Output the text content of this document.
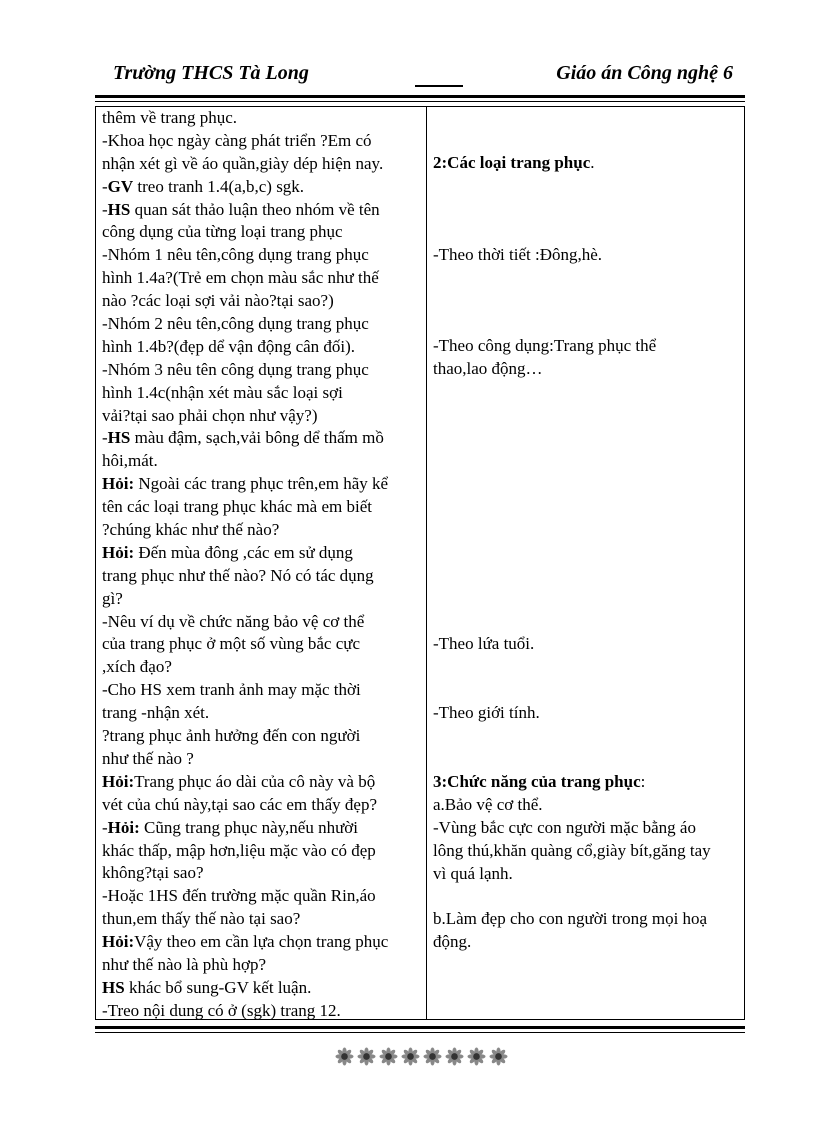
Trường THCS Tà Long	Giáo án Công nghệ 6
thêm về trang phục.
-Khoa học ngày càng phát triển ?Em có
nhận xét gì về áo quần,giày dép hiện nay.
-GV treo tranh 1.4(a,b,c) sgk.
-HS quan sát thảo luận theo nhóm về tên
công dụng của từng loại trang phục
-Nhóm 1 nêu tên,công dụng trang phục
hình 1.4a?(Trẻ em chọn màu sắc như thế
nào ?các loại sợi vải nào?tại sao?)
-Nhóm 2 nêu tên,công dụng trang phục
hình 1.4b?(đẹp dể vận động cân đối).
-Nhóm 3 nêu tên công dụng trang phục
hình 1.4c(nhận xét màu sắc loại sợi
vải?tại sao phải chọn như vậy?)
-HS màu đậm, sạch,vải bông dể thấm mồ
hôi,mát.
Hỏi: Ngoài các trang phục trên,em hãy kể
tên các loại trang phục khác mà em biết
?chúng khác như thế nào?
Hỏi: Đến mùa đông ,các em sử dụng
trang phục như thế nào? Nó có tác dụng
gì?
-Nêu ví dụ về chức năng bảo vệ cơ thể
của trang phục ở một số vùng bắc cực
,xích đạo?
-Cho HS xem tranh ảnh may mặc thời
trang -nhận xét.
?trang phục ảnh hưởng đến con người
như thế nào ?
Hỏi:Trang phục áo dài của cô này và bộ
vét của chú này,tại sao các em thấy đẹp?
-Hỏi: Cũng trang phục này,nếu nhười
khác thấp, mập hơn,liệu mặc vào có đẹp
không?tại sao?
-Hoặc 1HS đến trường mặc quần Rin,áo
thun,em thấy thế nào tại sao?
Hỏi:Vậy theo em cần lựa chọn trang phục
như thế nào là phù hợp?
HS khác bổ sung-GV kết luận.
-Treo nội dung có ở (sgk) trang 12.
2:Các loại trang phục.
-Theo thời tiết :Đông,hè.
-Theo công dụng:Trang phục thể
thao,lao động…
-Theo lứa tuổi.
-Theo giới tính.
3:Chức năng của trang phục:
a.Bảo vệ cơ thể.
-Vùng bắc cực con người mặc bằng áo
lông thú,khăn quàng cổ,giày bít,găng tay
vì quá lạnh.
b.Làm đẹp cho con người trong mọi hoạ
động.
